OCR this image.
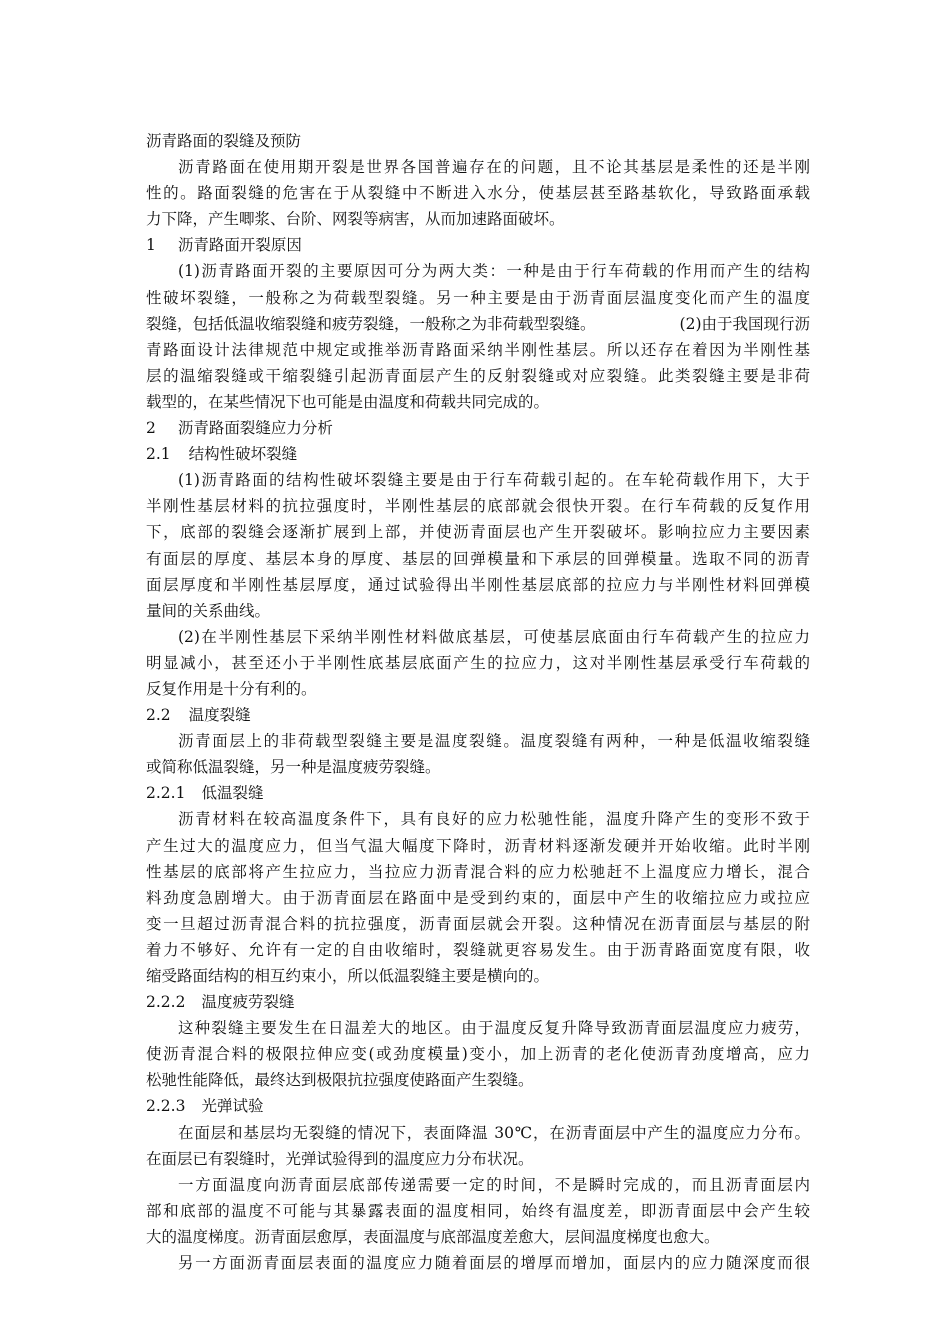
沥青路面的裂缝及预防
沥青路面在使用期开裂是世界各国普遍存在的问题，且不论其基层是柔性的还是半刚
性的。路面裂缝的危害在于从裂缝中不断进入水分，使基层甚至路基软化，导致路面承载
力下降，产生唧浆、台阶、网裂等病害，从而加速路面破坏。
1 沥青路面开裂原因
(1)沥青路面开裂的主要原因可分为两大类：一种是由于行车荷载的作用而产生的结构
性破坏裂缝，一般称之为荷载型裂缝。另一种主要是由于沥青面层温度变化而产生的温度
裂缝，包括低温收缩裂缝和疲劳裂缝，一般称之为非荷载型裂缝。	(2)由于我国现行沥
青路面设计法律规范中规定或推举沥青路面采纳半刚性基层。所以还存在着因为半刚性基
层的温缩裂缝或干缩裂缝引起沥青面层产生的反射裂缝或对应裂缝。此类裂缝主要是非荷
载型的，在某些情况下也可能是由温度和荷载共同完成的。
2 沥青路面裂缝应力分析
2.1 结构性破坏裂缝
(1)沥青路面的结构性破坏裂缝主要是由于行车荷载引起的。在车轮荷载作用下，大于
半刚性基层材料的抗拉强度时，半刚性基层的底部就会很快开裂。在行车荷载的反复作用
下，底部的裂缝会逐渐扩展到上部，并使沥青面层也产生开裂破坏。影响拉应力主要因素
有面层的厚度、基层本身的厚度、基层的回弹模量和下承层的回弹模量。选取不同的沥青
面层厚度和半刚性基层厚度，通过试验得出半刚性基层底部的拉应力与半刚性材料回弹模
量间的关系曲线。
(2)在半刚性基层下采纳半刚性材料做底基层，可使基层底面由行车荷载产生的拉应力
明显减小，甚至还小于半刚性底基层底面产生的拉应力，这对半刚性基层承受行车荷载的
反复作用是十分有利的。
2.2 温度裂缝
沥青面层上的非荷载型裂缝主要是温度裂缝。温度裂缝有两种，一种是低温收缩裂缝
或简称低温裂缝，另一种是温度疲劳裂缝。
2.2.1 低温裂缝
沥青材料在较高温度条件下，具有良好的应力松驰性能，温度升降产生的变形不致于
产生过大的温度应力，但当气温大幅度下降时，沥青材料逐渐发硬并开始收缩。此时半刚
性基层的底部将产生拉应力，当拉应力沥青混合料的应力松驰赶不上温度应力增长，混合
料劲度急剧增大。由于沥青面层在路面中是受到约束的，面层中产生的收缩拉应力或拉应
变一旦超过沥青混合料的抗拉强度，沥青面层就会开裂。这种情况在沥青面层与基层的附
着力不够好、允许有一定的自由收缩时，裂缝就更容易发生。由于沥青路面宽度有限，收
缩受路面结构的相互约束小，所以低温裂缝主要是横向的。
2.2.2 温度疲劳裂缝
这种裂缝主要发生在日温差大的地区。由于温度反复升降导致沥青面层温度应力疲劳，
使沥青混合料的极限拉伸应变(或劲度模量)变小，加上沥青的老化使沥青劲度增高，应力
松驰性能降低，最终达到极限抗拉强度使路面产生裂缝。
2.2.3 光弹试验
在面层和基层均无裂缝的情况下，表面降温 30℃，在沥青面层中产生的温度应力分布。
在面层已有裂缝时，光弹试验得到的温度应力分布状况。
一方面温度向沥青面层底部传递需要一定的时间，不是瞬时完成的，而且沥青面层内
部和底部的温度不可能与其暴露表面的温度相同，始终有温度差，即沥青面层中会产生较
大的温度梯度。沥青面层愈厚，表面温度与底部温度差愈大，层间温度梯度也愈大。
另一方面沥青面层表面的温度应力随着面层的增厚而增加，面层内的应力随深度而很
